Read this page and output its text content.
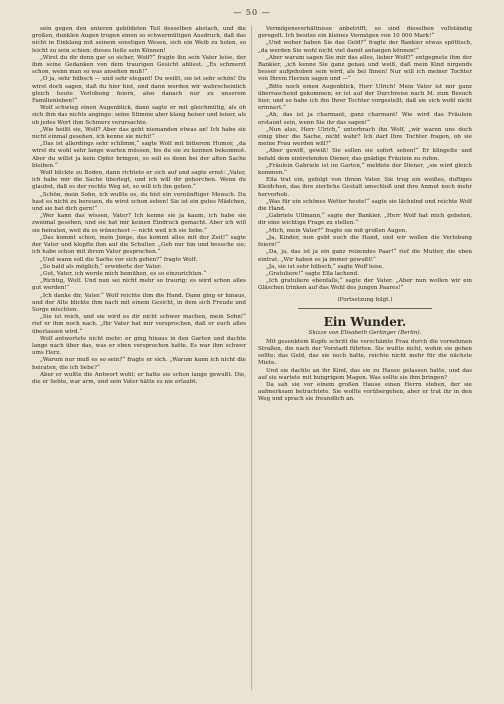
— 50 —

sein gegen den unteren gebildeten Teil desselben abstach, und die großen, dunklen Augen trugen einen so schwermütigen Ausdruck, daß das nicht in Einklang mit seinem sonstigen Wesen, sich ein Weib zu holen, so leicht zu sein schien; dieses ließe sein Können!

„Wirst du dir denn gar so sicher, Wolf?“ fragte ihn sein Vater leise, der ihm seine Gedanken von dem traurigen Gesicht abliest. „Es schmerzt schon, wenn man so was ansehen muß!“

„O ja, sehr hübsch — und sehr elegant! Du weißt, sie ist sehr schön! Du wirst doch sagen, daß du hier bist, und dann werden wir wahrscheinlich gleich heute Verlobung feiern, also danach nur zu unserem Familienleben!“

Wolf schwieg einen Augenblick, dann sagte er mit gleichmütig, als ob sich ihm das nichts anginge: seine Stimme aber klang heiser und leiser, als ob jedes Wort ihm Schmerz verursachte.

„Wie heißt sie, Wolf? Aber das geht niemanden etwas an! Ich habe sie nicht einmal gesehen, ich kenne sie nicht!“

„Das ist allerdings sehr schlimm,“ sagte Wolf mit bitterem Humor, „da wirst du wohl sehr lange warten müssen, bis du sie zu kennen bekommst. Aber du willst ja kein Opfer bringen, so soll es denn bei der alten Sache bleiben.“

Wolf blickte zu Boden, dann richtete er sich auf und sagte ernst: „Vater, ich habe mir die Sache überlegt, und ich will dir gehorchen. Wenn du glaubst, daß es der rechte Weg ist, so will ich ihn gehen.“

„Schön, mein Sohn, ich wußte es, du bist ein vernünftiger Mensch. Du hast es nicht zu bereuen, du wirst schon sehen! Sie ist ein gutes Mädchen, und sie hat dich gern!“

„Wer kann das wissen, Vater? Ich kenne sie ja kaum, ich habe sie zweimal gesehen, und sie hat mir keinen Eindruck gemacht. Aber ich will sie heiraten, weil du es wünschest — nicht weil ich sie liebe.“

„Das kommt schon, mein Junge, das kommt alles mit der Zeit!“ sagte der Vater und klopfte ihm auf die Schulter. „Geh nur hin und besuche sie; ich habe schon mit ihrem Vater gesprochen.“

„Und wann soll die Sache vor sich gehen?“ fragte Wolf.

„So bald als möglich,“ erwiderte der Vater.

„Gut, Vater, ich werde mich bemühen, es so einzurichten.“

„Richtig, Wolf. Und nun sei nicht mehr so traurig; es wird schon alles gut werden!“

„Ich danke dir, Vater.“ Wolf reichte ihm die Hand. Dann ging er hinaus, und der Alte blickte ihm nach mit einem Gesicht, in dem sich Freude und Sorge mischten.

„Sie ist reich, und sie wird es dir nicht schwer machen, mein Sohn!“ rief er ihm noch nach. „Ihr Vater hat mir versprochen, daß er euch alles überlassen wird.“

Wolf antwortete nicht mehr; er ging hinaus in den Garten und dachte lange nach über das, was er eben versprochen hatte. Es war ihm schwer ums Herz.

„Warum nur muß es so sein?“ fragte er sich. „Warum kann ich nicht die heiraten, die ich liebe?“

Aber er wußte die Antwort wohl; er hatte sie schon lange gewußt. Die, die er liebte, war arm, und sein Vater hätte es nie erlaubt.

Vermögensverhältnisse anbetrifft, so sind dieselben vollständig geregelt. Ich besitze ein kleines Vermögen von 10 000 Mark!“

„Und woher haben Sie das Geld?“ fragte der Bankier etwas spöttisch, „da werden Sie wohl nicht viel damit anfangen können!“

„Aber warum sagen Sie mir das alles, lieber Wolf?“ entgegnete ihm der Bankier, „ich kenne Sie ganz genau und weiß, daß mein Kind nirgends besser aufgehoben sein wird, als bei Ihnen! Nur will ich meiner Tochter von Ihrem Herzen sagen und —“

„Bitte noch einen Augenblick, Herr Ulrich! Mein Vater ist mir ganz überraschend gekommen; er ist auf der Durchreise nach M. zum Besuch hier, und so habe ich ihn Ihrer Tochter vorgestellt, daß sie sich wohl nicht erinnert.“

„Ah, das ist ja charmant, ganz charmant! Wie wird das Fräulein erstaunt sein, wenn Sie ihr das sagen!“

„Nun also, Herr Ulrich,“ unterbrach ihn Wolf, „wir waren uns doch einig über die Sache, nicht wahr? Ich darf Ihre Tochter fragen, ob sie meine Frau werden will?“

„Aber gewiß, gewiß! Sie sollen sie sofort sehen!“ Er klingelte und befahl dem eintretenden Diener, das gnädige Fräulein zu rufen.

„Fräulein Gabriele ist im Garten,“ meldete der Diener, „sie wird gleich kommen.“

Ella trat ein, gefolgt von ihrem Vater. Sie trug ein weißes, duftiges Kleidchen, das ihre zierliche Gestalt umschloß und ihre Anmut noch mehr hervorhob.

„Was für ein schönes Wetter heute!“ sagte sie lächelnd und reichte Wolf die Hand.

„Gabriele Ullmann,“ sagte der Bankier, „Herr Wolf hat mich gebeten, dir eine wichtige Frage zu stellen.“

„Mich, mein Vater?“ fragte sie mit großen Augen.

„Ja, Kinder, nun gebt euch die Hand, und wir wollen die Verlobung feiern!“

„Da, ja, das ist ja ein ganz reizendes Paar!“ rief die Mutter, die eben eintrat. „Wir haben es ja immer gewußt!“

„Ja, sie ist sehr hübsch,“ sagte Wolf leise.

„Gratuliere!“ sagte Ella lachend.

„Ich gratuliere ebenfalls,“ sagte der Vater. „Aber nun wollen wir ein Gläschen trinken auf das Wohl des jungen Paares!“

(Fortsetzung folgt.)

Ein Wunder.
Skizze von Elisabeth Gerlinger (Berlin).

Mit gesenktem Kopfe schritt die verschämte Frau durch die vornehmen Straßen, die nach der Vorstadt führten. Sie wußte nicht, wohin sie gehen sollte; das Geld, das sie noch hatte, reichte nicht mehr für die nächste Miete.

Und sie dachte an ihr Kind, das sie zu Hause gelassen hatte, und das auf sie wartete mit hungrigem Magen. Was sollte sie ihm bringen?

Da sah sie vor einem großen Hause einen Herrn stehen, der sie aufmerksam betrachtete. Sie wollte vorübergehen, aber er trat ihr in den Weg und sprach sie freundlich an.
